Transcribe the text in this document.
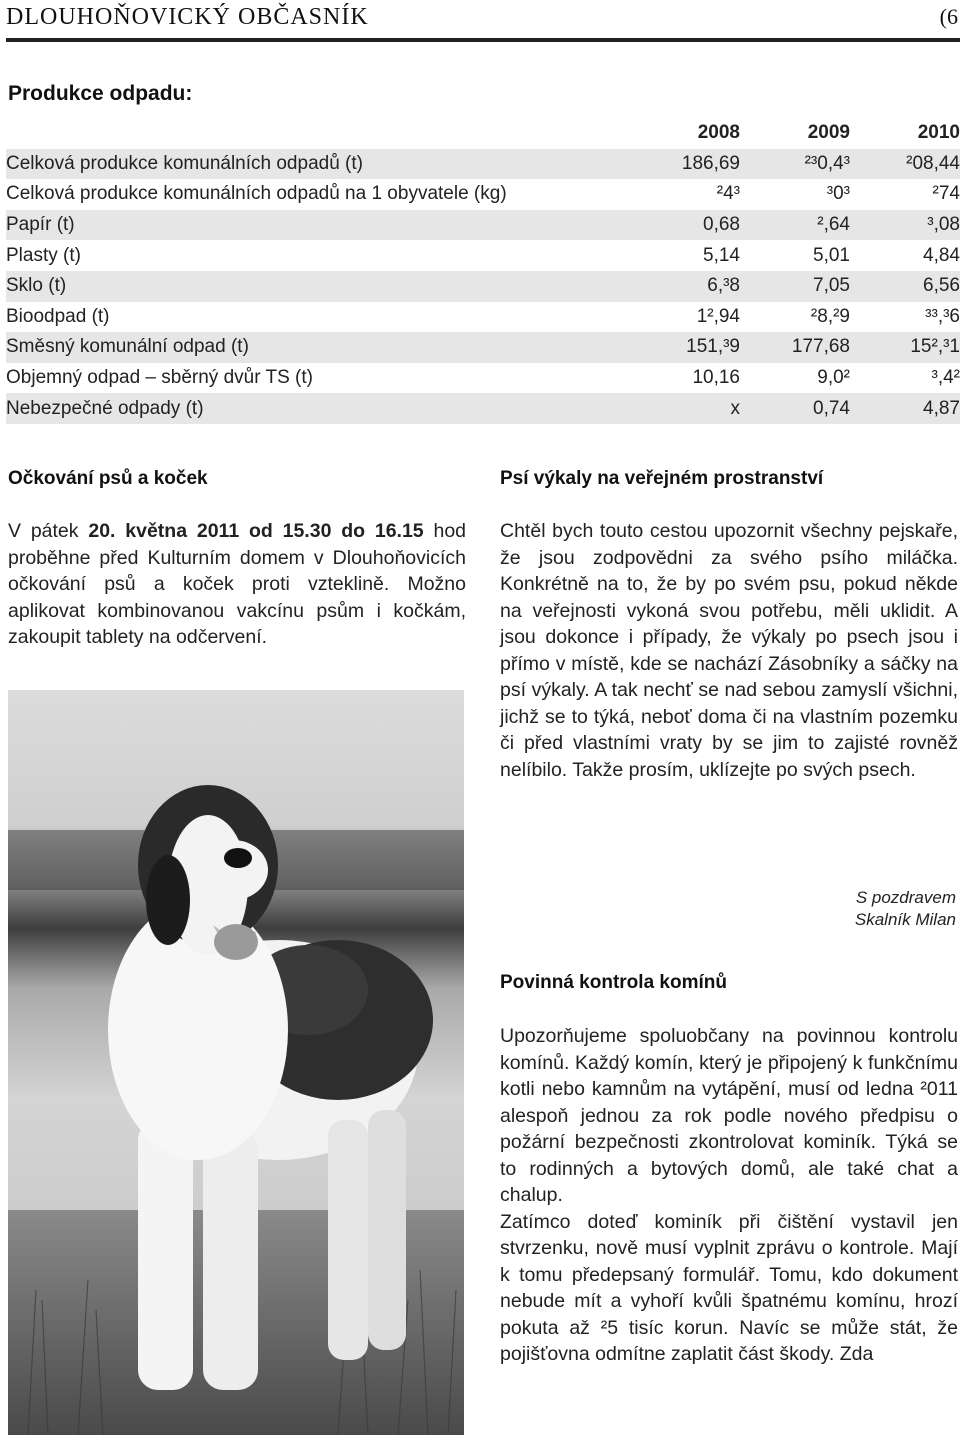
DLOUHOŇOVICKÝ OBČASNÍK	(6
Produkce odpadu:
	2008	2009	2010
Celková produkce komunálních odpadů (t)	186,69	²³0,4³	²08,44
Celková produkce komunálních odpadů na 1 obyvatele (kg)	²4³	³0³	²74
Papír (t)	0,68	²,64	³,08
Plasty (t)	5,14	5,01	4,84
Sklo (t)	6,³8	7,05	6,56
Bioodpad (t)	1²,94	²8,²9	³³,³6
Směsný komunální odpad (t)	151,³9	177,68	15²,³1
Objemný odpad – sběrný dvůr TS (t)	10,16	9,0²	³,4²
Nebezpečné odpady (t)	x	0,74	4,87
Očkování psů a koček

V pátek 20. května 2011 od 15.30 do 16.15 hod proběhne před Kulturním domem v Dlouhoňovicích očkování psů a koček proti vzteklině. Možno aplikovat kombinovanou vakcínu psům i kočkám, zakoupit tablety na odčervení.

Psí výkaly na veřejném prostranství

Chtěl bych touto cestou upozornit všechny pejskaře, že jsou zodpovědni za svého psího miláčka. Konkrétně na to, že by po svém psu, pokud někde na veřejnosti vykoná svou potřebu, měli uklidit. A jsou dokonce i případy, že výkaly po psech jsou i přímo v místě, kde se nachází Zásobníky a sáčky na psí výkaly. A tak nechť se nad sebou zamyslí všichni, jichž se to týká, neboť doma či na vlastním pozemku či před vlastními vraty by se jim to zajisté rovněž nelíbilo. Takže prosím, uklízejte po svých psech.

S pozdravem
Skalník Milan
Povinná kontrola komínů

Upozorňujeme spoluobčany na povinnou kontrolu komínů. Každý komín, který je připojený k funkčnímu kotli nebo kamnům na vytápění, musí od ledna ²011 alespoň jednou za rok podle nového předpisu o požární bezpečnosti zkontrolovat kominík. Týká se to rodinných a bytových domů, ale také chat a chalup.

Zatímco doteď kominík při čištění vystavil jen stvrzenku, nově musí vyplnit zprávu o kontrole. Mají k tomu předepsaný formulář. Tomu, kdo dokument nebude mít a vyhoří kvůli špatnému komínu, hrozí pokuta až ²5 tisíc korun. Navíc se může stát, že pojišťovna odmítne zaplatit část škody. Zda
